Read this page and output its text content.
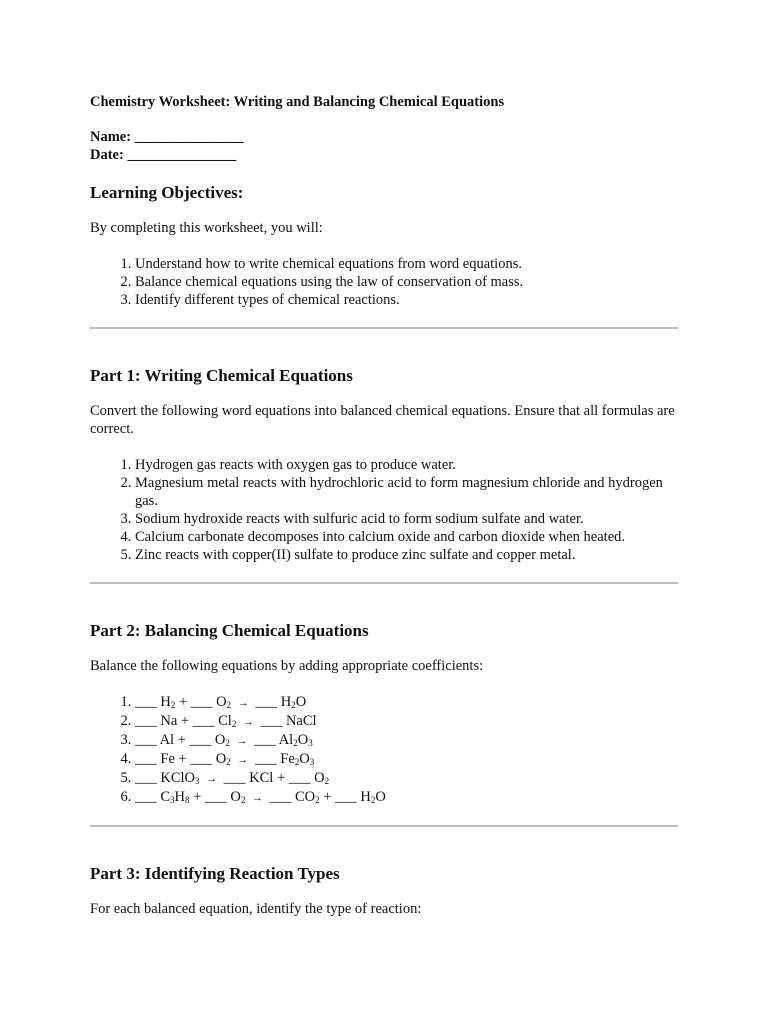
Chemistry Worksheet: Writing and Balancing Chemical Equations

Name: _______________
Date: _______________
Learning Objectives:

By completing this worksheet, you will:

1. Understand how to write chemical equations from word equations.
2. Balance chemical equations using the law of conservation of mass.
3. Identify different types of chemical reactions.
Part 1: Writing Chemical Equations

Convert the following word equations into balanced chemical equations. Ensure that all formulas are correct.

1. Hydrogen gas reacts with oxygen gas to produce water.
2. Magnesium metal reacts with hydrochloric acid to form magnesium chloride and hydrogen gas.
3. Sodium hydroxide reacts with sulfuric acid to form sodium sulfate and water.
4. Calcium carbonate decomposes into calcium oxide and carbon dioxide when heated.
5. Zinc reacts with copper(II) sulfate to produce zinc sulfate and copper metal.
Part 2: Balancing Chemical Equations

Balance the following equations by adding appropriate coefficients:

1. ___ $H_2$ + ___ $O_2$ → ___ $H_2O$
2. ___ Na + ___ $Cl_2$ → ___ NaCl
3. ___ Al + ___ $O_2$ → ___ $Al_2O_3$
4. ___ Fe + ___ $O_2$ → ___ $Fe_2O_3$
5. ___ KClO$_3$ → ___ KCl + ___ $O_2$
6. ___ $C_3H_8$ + ___ $O_2$ → ___ $CO_2$ + ___ $H_2O$
Part 3: Identifying Reaction Types

For each balanced equation, identify the type of reaction:
